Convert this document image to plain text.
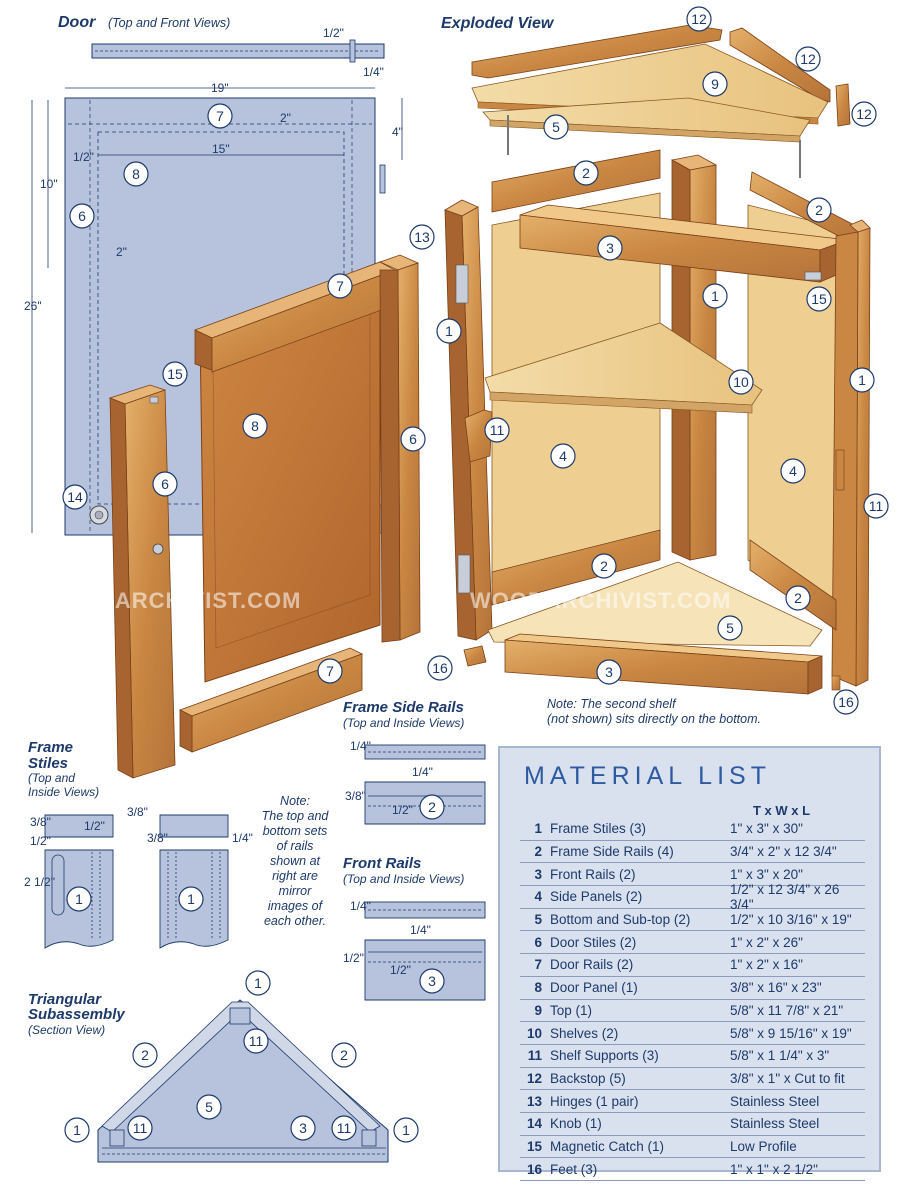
Door (Top and Front Views)
1/2"
1/4"
19"
15"
2"
1/2"
2"
4"
10"
26"
Exploded View
WOODARCHIVIST.COM	WOODARCHIVIST.COM
Frame
Stiles
(Top and
Inside Views)
3/8"	1/2"
3/8"
1/4"
1/2"	3/8"
2 1/2"
Note:
The top and
bottom sets
of rails
shown at
right are
mirror
images of
each other.
Frame Side Rails
(Top and Inside Views)
1/4"
1/4"
3/8"
1/2"
Front Rails
(Top and Inside Views)
1/4"
1/4"
1/2"
1/2"
Triangular
Subassembly
(Section View)
Note: The second shelf
(not shown) sits directly on the bottom.
7
8
6
14
15
7
8
6
6
7
12
12
12
9
5
2
2
13
3
15
1
1
10	1
11
4
4
11
2
2
5
3
16
16
2
3
1	1
1
11
2	2
5
1	11	3 11	1
MATERIAL LIST
T x W x L
1 Frame Stiles (3)	1" x 3" x 30"
2 Frame Side Rails (4)	3/4" x 2" x 12 3/4"
3 Front Rails (2)	1" x 3" x 20"
4 Side Panels (2)	1/2" x 12 3/4" x 26 3/4"
5 Bottom and Sub-top (2)	1/2" x 10 3/16" x 19"
6 Door Stiles (2)	1" x 2" x 26"
7 Door Rails (2)	1" x 2" x 16"
8 Door Panel (1)	3/8" x 16" x 23"
9 Top (1)	5/8" x 11 7/8" x 21"
10 Shelves (2)	5/8" x 9 15/16" x 19"
11 Shelf Supports (3)	5/8" x 1 1/4" x 3"
12 Backstop (5)	3/8" x 1" x Cut to fit
13 Hinges (1 pair)	Stainless Steel
14 Knob (1)	Stainless Steel
15 Magnetic Catch (1)	Low Profile
16 Feet (3)	1" x 1" x 2 1/2"
